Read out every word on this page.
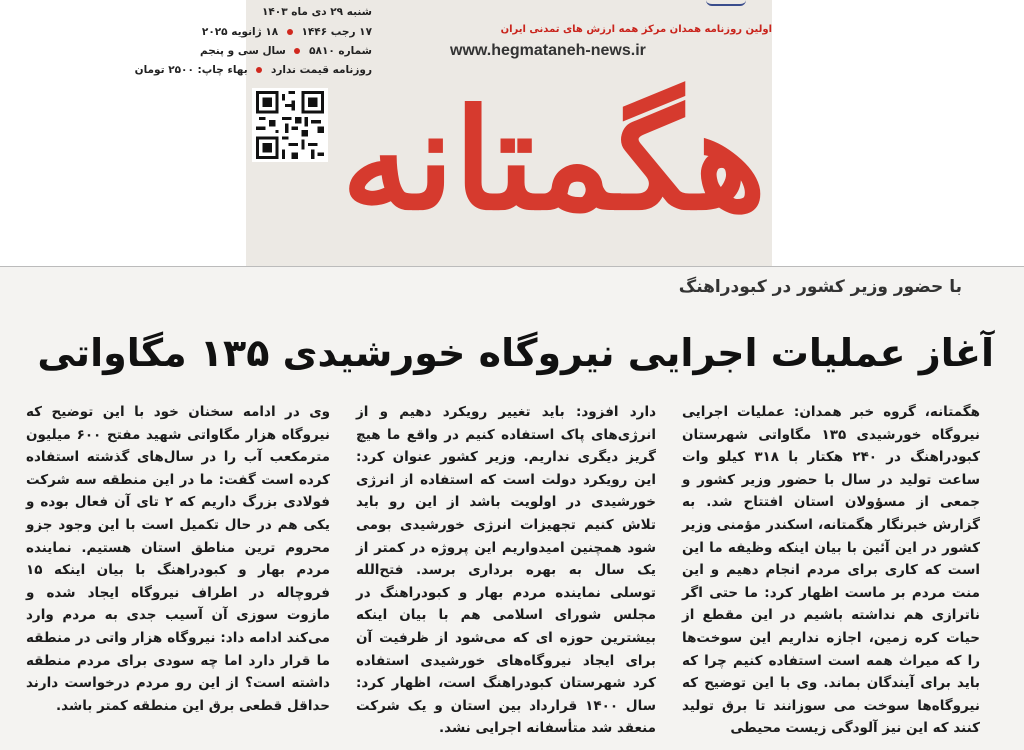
شنبه ۲۹ دی ماه ۱۴۰۳
۱۷ رجب ۱۴۴۶  ۱۸ ژانویه ۲۰۲۵
شماره ۵۸۱۰  سال سی و پنجم
روزنامه قیمت ندارد  بهاء چاپ: ۲۵۰۰ تومان
اولین روزنامه همدان مرکز همه ارزش های تمدنی ایران
www.hegmataneh-news.ir
هگمتانه
با حضور وزیر کشور در کبودراهنگ
آغاز عملیات اجرایی نیروگاه خورشیدی ۱۳۵ مگاواتی

هگمتانه، گروه خبر همدان: عملیات اجرایی نیروگاه خورشیدی ۱۳۵ مگاواتی شهرستان کبودراهنگ در ۲۴۰ هکتار با ۳۱۸ کیلو وات ساعت تولید در سال با حضور وزیر کشور و جمعی از مسؤولان استان افتتاح شد. به گزارش خبرنگار هگمتانه، اسکندر مؤمنی وزیر کشور در این آئین با بیان اینکه وظیفه ما این است که کاری برای مردم انجام دهیم و این منت مردم بر ماست اظهار کرد: ما حتی اگر ناترازی هم نداشته باشیم در این مقطع از حیات کره زمین، اجازه نداریم این سوخت‌ها را که میراث همه است استفاده کنیم چرا که باید برای آیندگان بماند. وی با این توضیح که نیروگاه‌ها سوخت می سوزانند تا برق تولید کنند که این نیز آلودگی زیست محیطی

دارد افزود: باید تغییر رویکرد دهیم و از انرژی‌های پاک استفاده کنیم در واقع ما هیچ گریز دیگری نداریم. وزیر کشور عنوان کرد: این رویکرد دولت است که استفاده از انرژی خورشیدی در اولویت باشد از این رو باید تلاش کنیم تجهیزات انرژی خورشیدی بومی شود همچنین امیدواریم این پروژه در کمتر از یک سال به بهره برداری برسد. فتح‌الله توسلی نماینده مردم بهار و کبودراهنگ در مجلس شورای اسلامی هم با بیان اینکه بیشترین حوزه ای که می‌شود از ظرفیت آن برای ایجاد نیروگاه‌های خورشیدی استفاده کرد شهرستان کبودراهنگ است، اظهار کرد: سال ۱۴۰۰ قرارداد بین استان و یک شرکت منعقد شد متأسفانه اجرایی نشد.

وی در ادامه سخنان خود با این توضیح که نیروگاه هزار مگاواتی شهید مفتح ۶۰۰ میلیون مترمکعب آب را در سال‌های گذشته استفاده کرده است گفت: ما در این منطقه سه شرکت فولادی بزرگ داریم که ۲ تای آن فعال بوده و یکی هم در حال تکمیل است با این وجود جزو محروم ترین مناطق استان هستیم. نماینده مردم بهار و کبودراهنگ با بیان اینکه ۱۵ فروچاله در اطراف نیروگاه ایجاد شده و مازوت سوزی آن آسیب جدی به مردم وارد می‌کند ادامه داد: نیروگاه هزار واتی در منطقه ما قرار دارد اما چه سودی برای مردم منطقه داشته است؟ از این رو مردم درخواست دارند حداقل قطعی برق این منطقه کمتر باشد.
